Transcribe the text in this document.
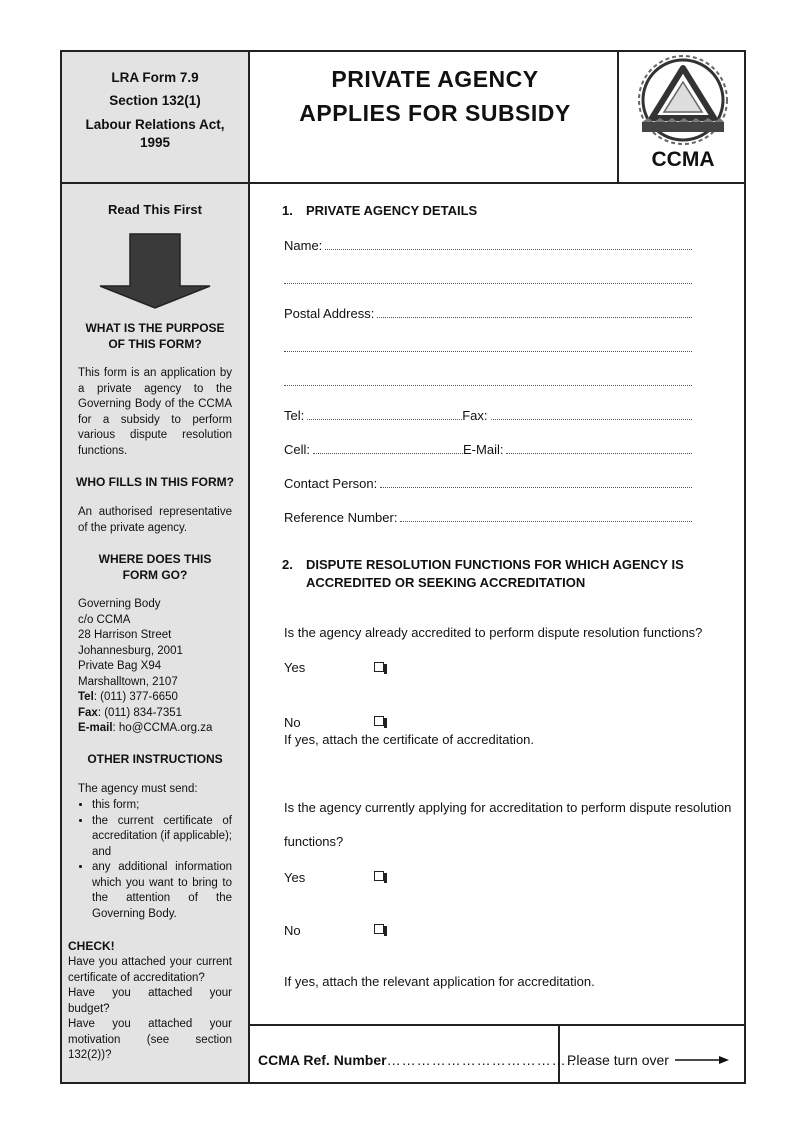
LRA Form 7.9
Section 132(1)
Labour Relations Act, 1995
PRIVATE AGENCY
APPLIES FOR SUBSIDY
CCMA
Read This First
WHAT IS THE PURPOSE OF THIS FORM?
This form is an application by a private agency to the Governing Body of the CCMA for a subsidy to perform various dispute resolution functions.
WHO FILLS IN THIS FORM?
An authorised representative of the private agency.
WHERE DOES THIS FORM GO?
Governing Body
c/o CCMA
28 Harrison Street
Johannesburg, 2001
Private Bag X94
Marshalltown, 2107
Tel: (011) 377-6650
Fax: (011) 834-7351
E-mail: ho@CCMA.org.za
OTHER INSTRUCTIONS
The agency must send:
• this form;
• the current certificate of accreditation (if applicable); and
• any additional information which you want to bring to the attention of the Governing Body.
CHECK!
Have you attached your current certificate of accreditation?
Have you attached your budget?
Have you attached your motivation (see section 132(2))?
1. PRIVATE AGENCY DETAILS
Name:
Postal Address:
Tel:	Fax:
Cell:	E-Mail:
Contact Person:
Reference Number:
2. DISPUTE RESOLUTION FUNCTIONS FOR WHICH AGENCY IS
ACCREDITED OR SEEKING ACCREDITATION
Is the agency already accredited to perform dispute resolution functions?
Yes
No
If yes, attach the certificate of accreditation.
Is the agency currently applying for accreditation to perform dispute resolution
functions?
Yes
No
If yes, attach the relevant application for accreditation.
CCMA Ref. Number………………………………..
Please turn over
